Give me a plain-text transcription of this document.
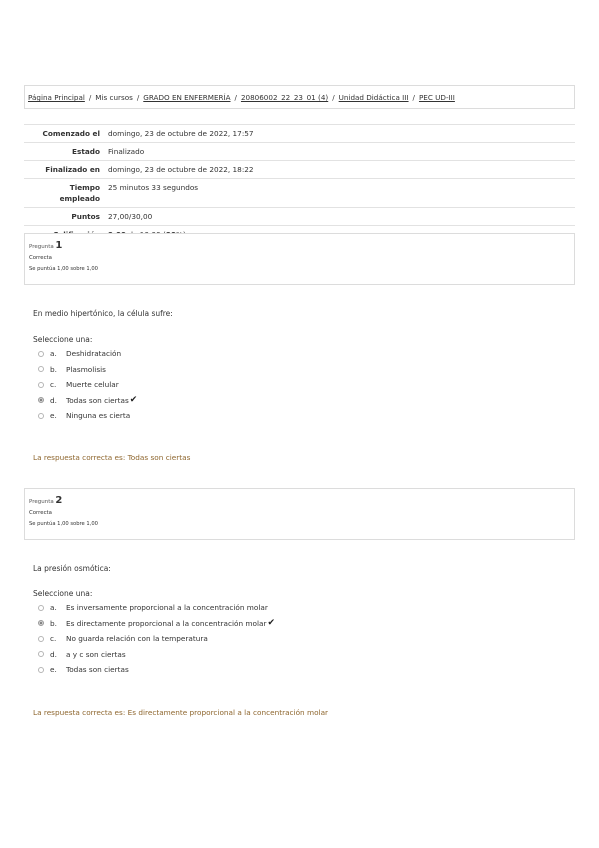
Página Principal / Mis cursos / GRADO EN ENFERMERÍA / 20806002_22_23_01 (4) / Unidad Didáctica III / PEC UD-III
Comenzado el	domingo, 23 de octubre de 2022, 17:57
Estado	Finalizado
Finalizado en	domingo, 23 de octubre de 2022, 18:22
Tiempo empleado	25 minutos 33 segundos
Puntos	27,00/30,00

Pregunta 1
Correcta
Se puntúa 1,00 sobre 1,00
En medio hipertónico, la célula sufre:
Seleccione una:
a.	Deshidratación
b.	Plasmolisis
c.	Muerte celular
d.	Todas son ciertas ✔
e.	Ninguna es cierta
La respuesta correcta es: Todas son ciertas
Pregunta 2
Correcta
Se puntúa 1,00 sobre 1,00
La presión osmótica:
Seleccione una:
a.	Es inversamente proporcional a la concentración molar
b.	Es directamente proporcional a la concentración molar ✔
c.	No guarda relación con la temperatura
d.	a y c son ciertas
e.	Todas son ciertas
La respuesta correcta es: Es directamente proporcional a la concentración molar
